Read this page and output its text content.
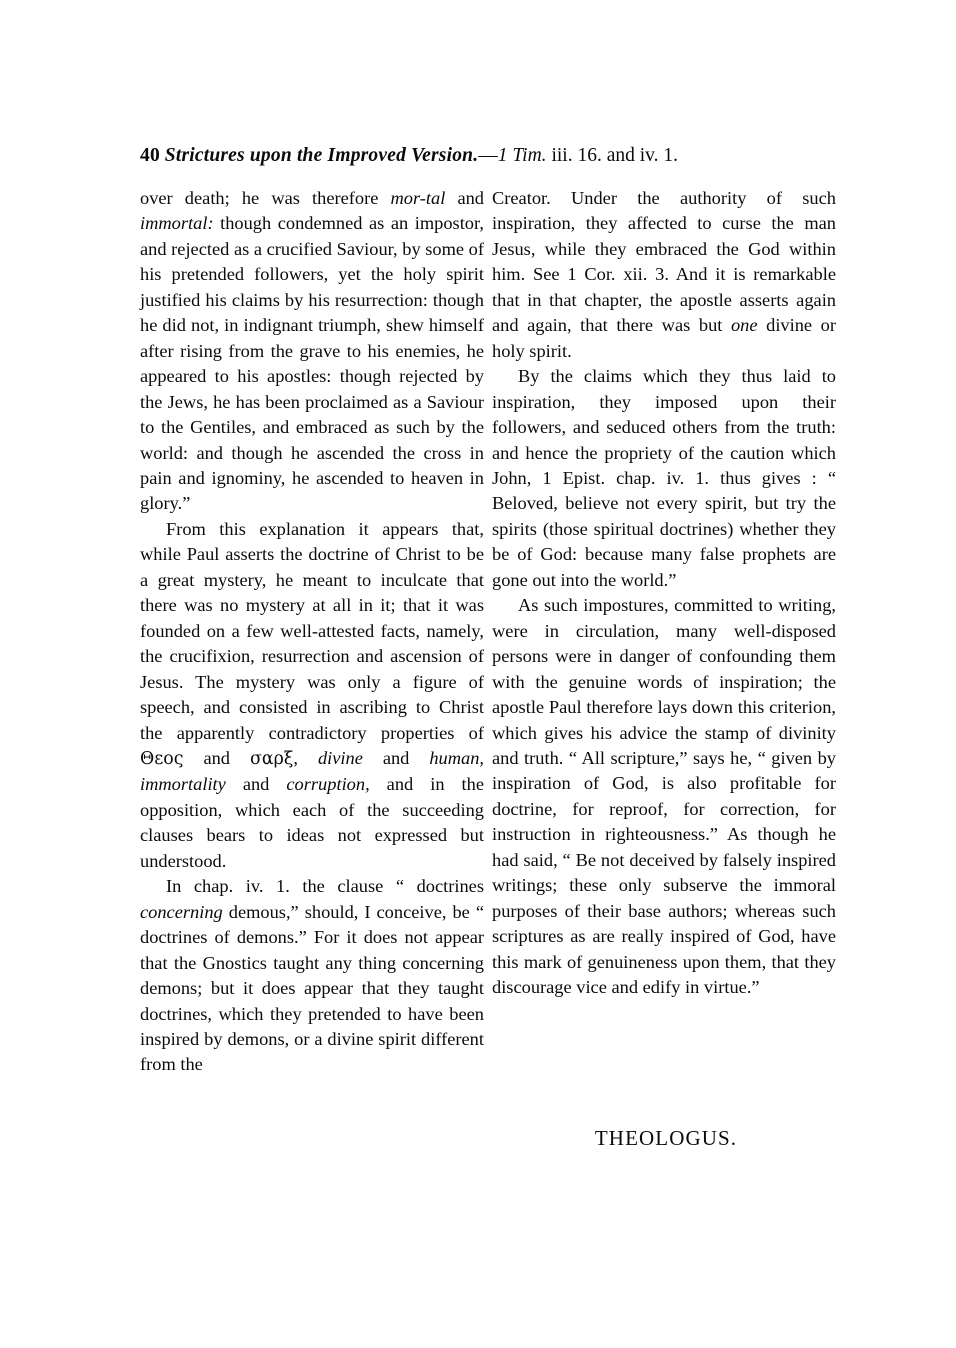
40 Strictures upon the Improved Version.—1 Tim. iii. 16. and iv. 1.

over death; he was therefore mor-tal and immortal: though condemned as an impostor, and rejected as a crucified Saviour, by some of his pretended followers, yet the holy spirit justified his claims by his resurrection: though he did not, in indignant triumph, shew himself after rising from the grave to his enemies, he appeared to his apostles: though rejected by the Jews, he has been proclaimed as a Saviour to the Gentiles, and embraced as such by the world: and though he ascended the cross in pain and ignominy, he ascended to heaven in glory.”

From this explanation it appears that, while Paul asserts the doctrine of Christ to be a great mystery, he meant to inculcate that there was no mystery at all in it; that it was founded on a few well-attested facts, namely, the crucifixion, resurrection and ascension of Jesus. The mystery was only a figure of speech, and consisted in ascribing to Christ the apparently contradictory properties of Θεος and σαρξ, divine and human, immortality and corruption, and in the opposition, which each of the succeeding clauses bears to ideas not expressed but understood.

In chap. iv. 1. the clause “ doctrines concerning demous,” should, I conceive, be “ doctrines of demons.” For it does not appear that the Gnostics taught any thing concerning demons; but it does appear that they taught doctrines, which they pretended to have been inspired by demons, or a divine spirit different from the

Creator. Under the authority of such inspiration, they affected to curse the man Jesus, while they embraced the God within him. See 1 Cor. xii. 3. And it is remarkable that in that chapter, the apostle asserts again and again, that there was but one divine or holy spirit.

By the claims which they thus laid to inspiration, they imposed upon their followers, and seduced others from the truth: and hence the propriety of the caution which John, 1 Epist. chap. iv. 1. thus gives : “ Beloved, believe not every spirit, but try the spirits (those spiritual doctrines) whether they be of God: because many false prophets are gone out into the world.”

As such impostures, committed to writing, were in circulation, many well-disposed persons were in danger of confounding them with the genuine words of inspiration; the apostle Paul therefore lays down this criterion, which gives his advice the stamp of divinity and truth. “ All scripture,” says he, “ given by inspiration of God, is also profitable for doctrine, for reproof, for correction, for instruction in righteousness.” As though he had said, “ Be not deceived by falsely inspired writings; these only subserve the immoral purposes of their base authors; whereas such scriptures as are really inspired of God, have this mark of genuineness upon them, that they discourage vice and edify in virtue.”

THEOLOGUS.
